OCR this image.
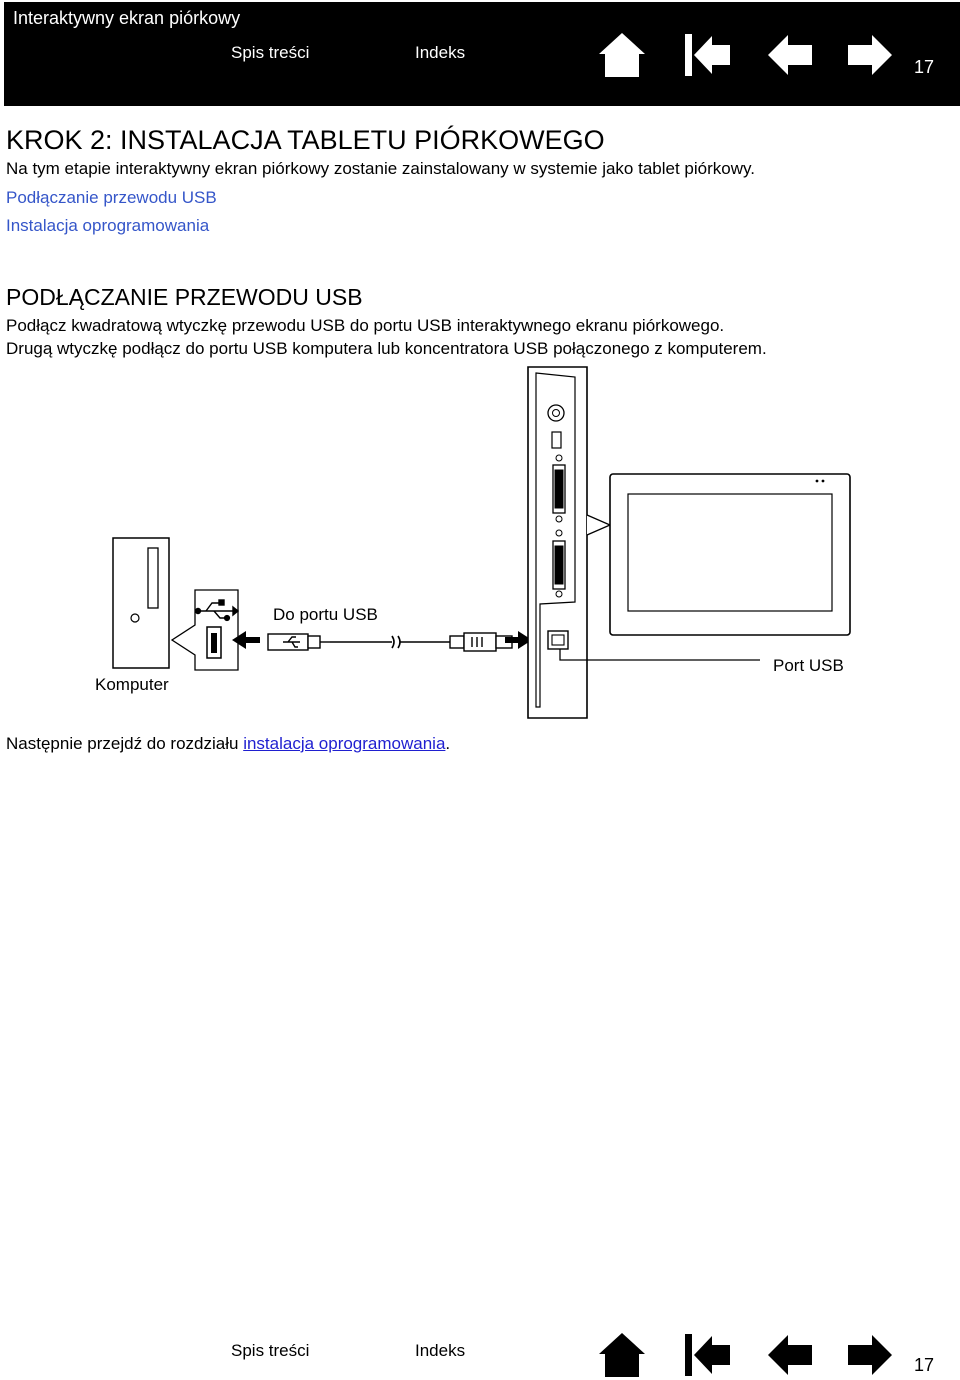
Interaktywny ekran piórkowy
Spis treści	Indeks
17
KROK 2: INSTALACJA TABLETU PIÓRKOWEGO

Na tym etapie interaktywny ekran piórkowy zostanie zainstalowany w systemie jako tablet piórkowy.

Podłączanie przewodu USB
Instalacja oprogramowania
PODŁĄCZANIE PRZEWODU USB

Podłącz kwadratową wtyczkę przewodu USB do portu USB interaktywnego ekranu piórkowego.

Drugą wtyczkę podłącz do portu USB komputera lub koncentratora USB połączonego z komputerem.

Do portu USB
Komputer
Port USB

Następnie przejdź do rozdziału instalacja oprogramowania.

Spis treści	Indeks
17
